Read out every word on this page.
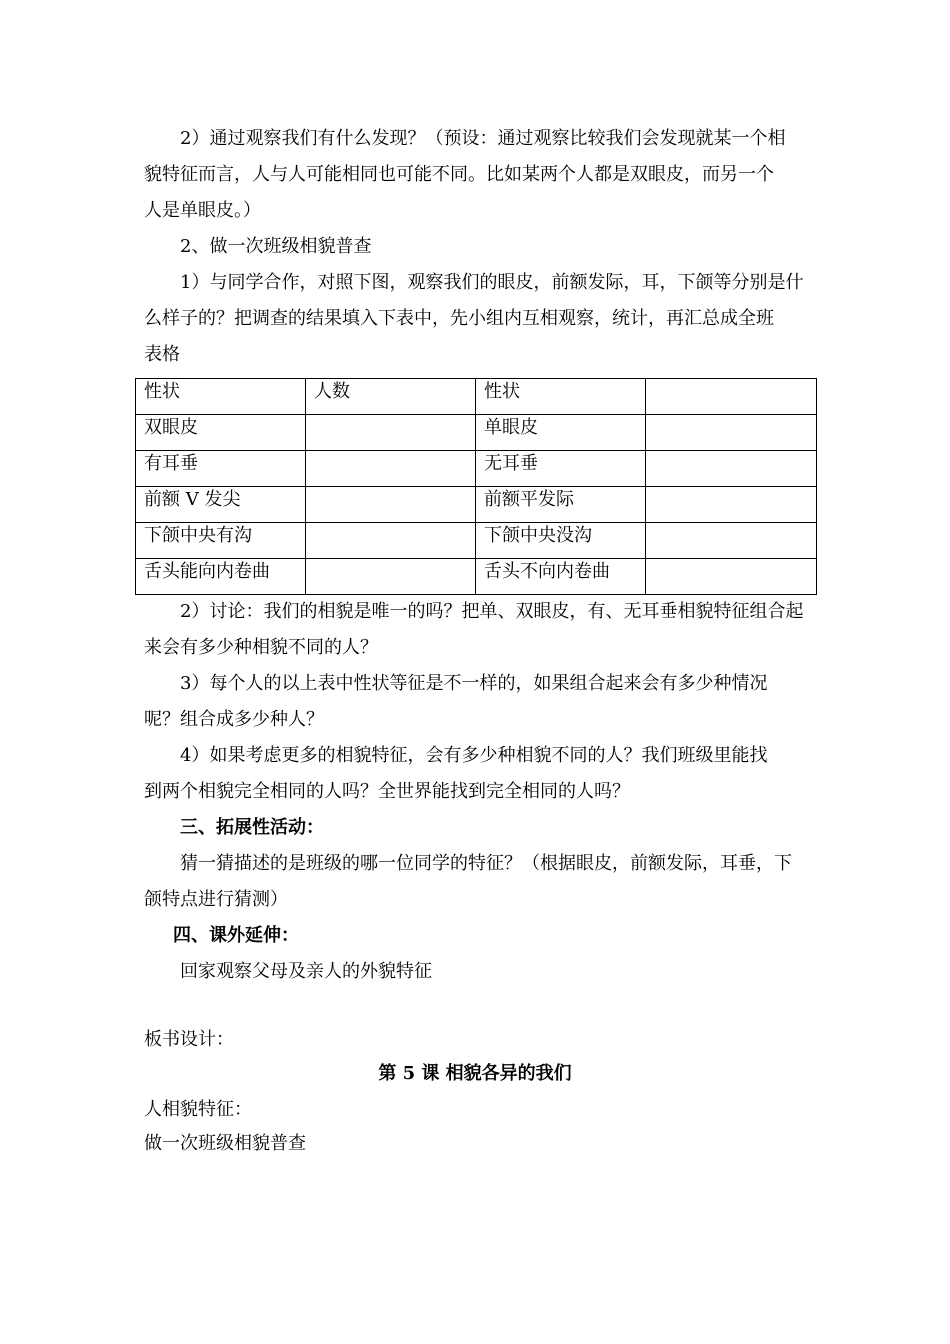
2）通过观察我们有什么发现？（预设：通过观察比较我们会发现就某一个相
貌特征而言，人与人可能相同也可能不同。比如某两个人都是双眼皮，而另一个
人是单眼皮。）
2、做一次班级相貌普查
1）与同学合作，对照下图，观察我们的眼皮，前额发际，耳，下颌等分别是什
么样子的？把调查的结果填入下表中，先小组内互相观察，统计，再汇总成全班
表格
性状	人数	性状	
双眼皮		单眼皮	
有耳垂		无耳垂	
前额 V 发尖		前额平发际	
下颌中央有沟		下颌中央没沟	
舌头能向内卷曲		舌头不向内卷曲	
2）讨论：我们的相貌是唯一的吗？把单、双眼皮，有、无耳垂相貌特征组合起
来会有多少种相貌不同的人？
3）每个人的以上表中性状等征是不一样的，如果组合起来会有多少种情况
呢？组合成多少种人？
4）如果考虑更多的相貌特征，会有多少种相貌不同的人？我们班级里能找
到两个相貌完全相同的人吗？全世界能找到完全相同的人吗？
三、拓展性活动：
猜一猜描述的是班级的哪一位同学的特征？（根据眼皮，前额发际，耳垂，下
颌特点进行猜测）
四、课外延伸：
回家观察父母及亲人的外貌特征
板书设计：
第 5 课 相貌各异的我们
人相貌特征：
做一次班级相貌普查
